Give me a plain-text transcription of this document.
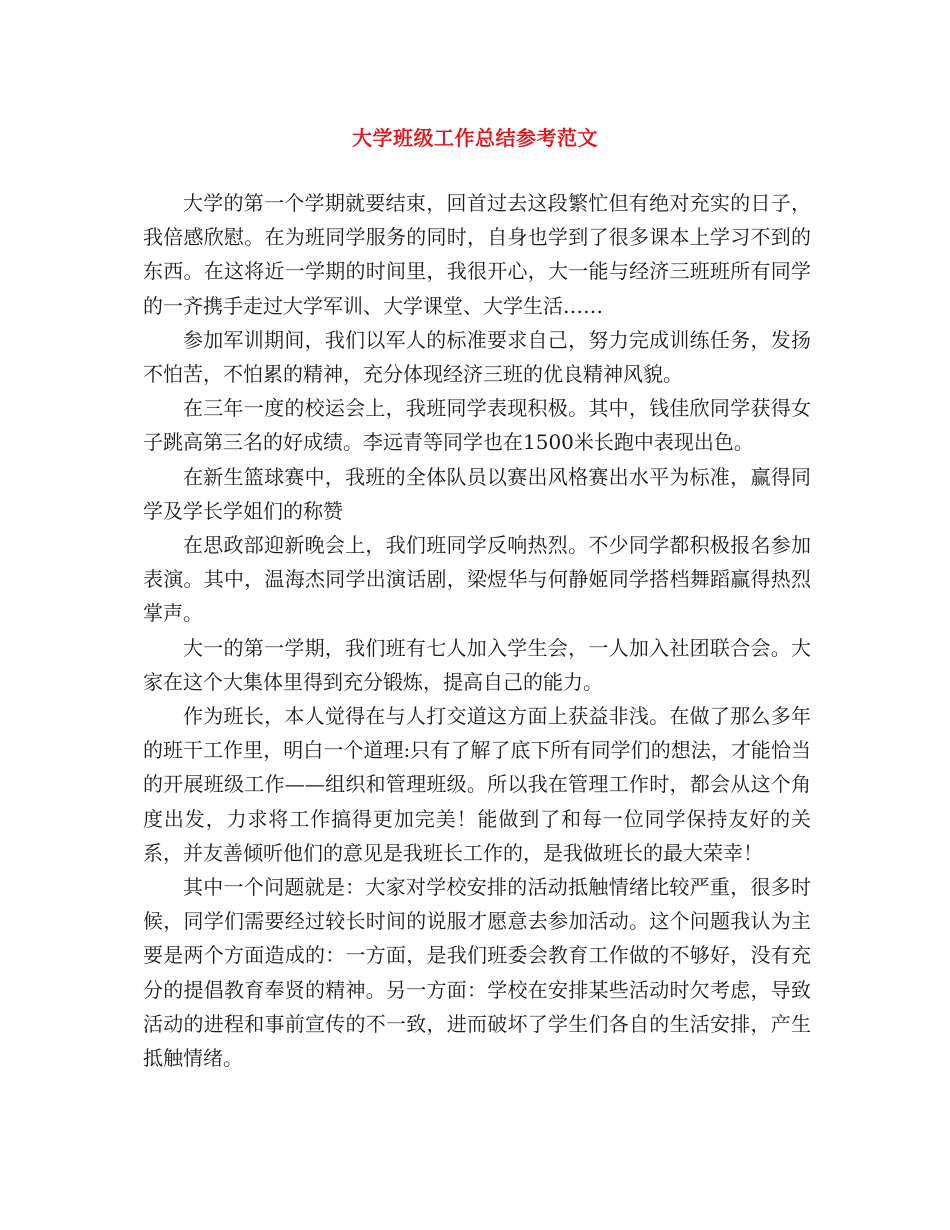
大学班级工作总结参考范文

大学的第一个学期就要结束，回首过去这段繁忙但有绝对充实的日子，我倍感欣慰。在为班同学服务的同时，自身也学到了很多课本上学习不到的东西。在这将近一学期的时间里，我很开心，大一能与经济三班班所有同学的一齐携手走过大学军训、大学课堂、大学生活……

参加军训期间，我们以军人的标准要求自己，努力完成训练任务，发扬不怕苦，不怕累的精神，充分体现经济三班的优良精神风貌。

在三年一度的校运会上，我班同学表现积极。其中，钱佳欣同学获得女子跳高第三名的好成绩。李远青等同学也在1500米长跑中表现出色。

在新生篮球赛中，我班的全体队员以赛出风格赛出水平为标准，赢得同学及学长学姐们的称赞

在思政部迎新晚会上，我们班同学反响热烈。不少同学都积极报名参加表演。其中，温海杰同学出演话剧，梁煜华与何静姬同学搭档舞蹈赢得热烈掌声。

大一的第一学期，我们班有七人加入学生会，一人加入社团联合会。大家在这个大集体里得到充分锻炼，提高自己的能力。

作为班长，本人觉得在与人打交道这方面上获益非浅。在做了那么多年的班干工作里，明白一个道理:只有了解了底下所有同学们的想法，才能恰当的开展班级工作——组织和管理班级。所以我在管理工作时，都会从这个角度出发，力求将工作搞得更加完美！能做到了和每一位同学保持友好的关系，并友善倾听他们的意见是我班长工作的，是我做班长的最大荣幸！

其中一个问题就是：大家对学校安排的活动抵触情绪比较严重，很多时候，同学们需要经过较长时间的说服才愿意去参加活动。这个问题我认为主要是两个方面造成的：一方面，是我们班委会教育工作做的不够好，没有充分的提倡教育奉贤的精神。另一方面：学校在安排某些活动时欠考虑，导致活动的进程和事前宣传的不一致，进而破坏了学生们各自的生活安排，产生抵触情绪。
